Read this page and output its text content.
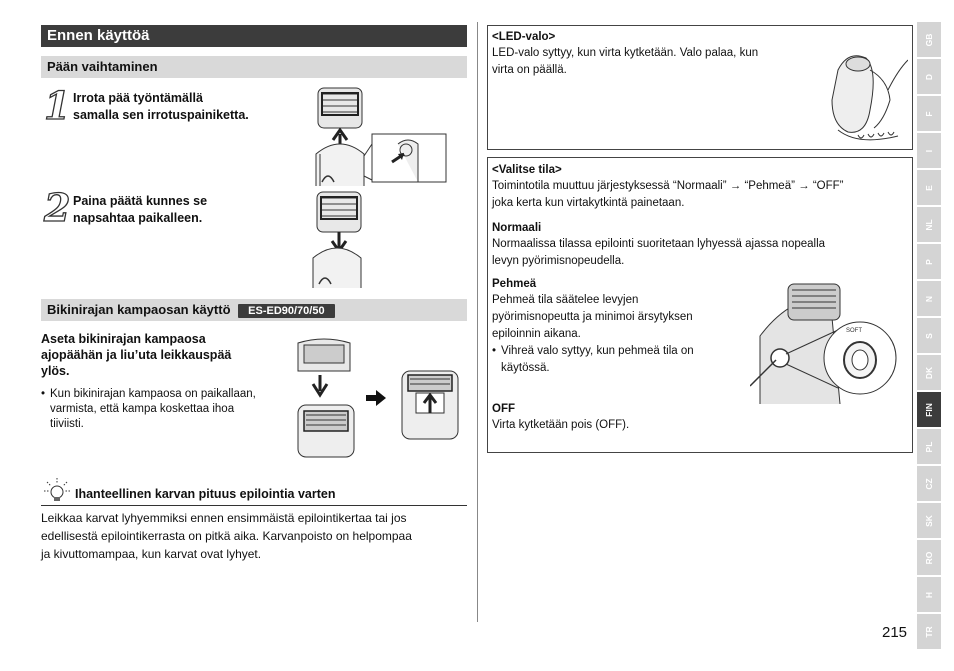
Ennen käyttöä
Pään vaihtaminen
1 Irrota pää työntämällä
samalla sen irrotuspainiketta.
2 Paina päätä kunnes se
napsahtaa paikalleen.
Bikinirajan kampaosan käyttö ES-ED90/70/50
Aseta bikinirajan kampaosa
ajopäähän ja liu’uta leikkauspää
ylös.
• Kun bikinirajan kampaosa on paikallaan,
varmista, että kampa koskettaa ihoa
tiiviisti.
Ihanteellinen karvan pituus epilointia varten
Leikkaa karvat lyhyemmiksi ennen ensimmäistä epilointikertaa tai jos
edellisestä epilointikerrasta on pitkä aika. Karvanpoisto on helpompaa
ja kivuttomampaa, kun karvat ovat lyhyet.
<LED-valo>
LED-valo syttyy, kun virta kytketään. Valo palaa, kun
virta on päällä.
<Valitse tila>
Toimintotila muuttuu järjestyksessä “Normaali” → “Pehmeä” → “OFF”
joka kerta kun virtakytkintä painetaan.
Normaali
Normaalissa tilassa epilointi suoritetaan lyhyessä ajassa nopealla
levyn pyörimisnopeudella.
Pehmeä
Pehmeä tila säätelee levyjen
pyörimisnopeutta ja minimoi ärsytyksen
epiloinnin aikana.
• Vihreä valo syttyy, kun pehmeä tila on
käytössä.
OFF
Virta kytketään pois (OFF).
SOFT
GB
D
F
I
E
NL
P
N
S
DK
FIN
PL
CZ
SK
RO
H
TR
215
